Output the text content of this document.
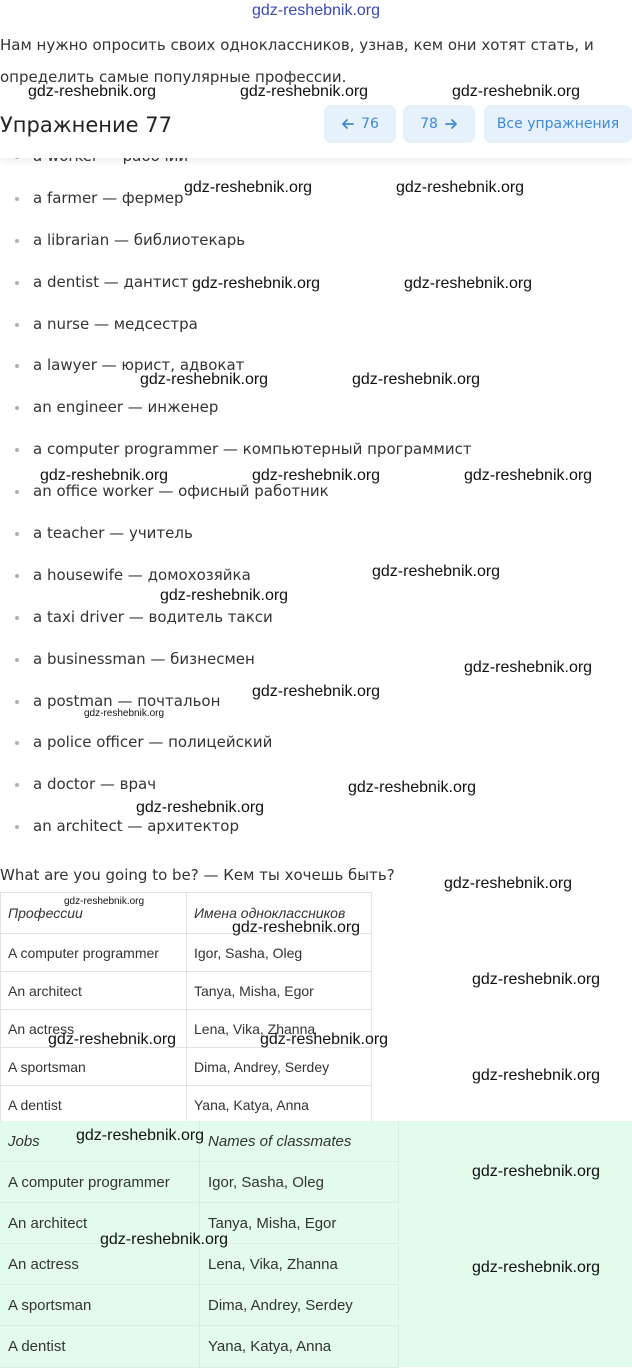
gdz-reshebnik.org
Нам нужно опросить своих одноклассников, узнав, кем они хотят стать, и определить самые популярные профессии.
a farmer — фермер
a librarian — библиотекарь
a dentist — дантист
a nurse — медсестра
a lawyer — юрист, адвокат
an engineer — инженер
a computer programmer — компьютерный программист
an office worker — офисный работник
a teacher — учитель
a housewife — домохозяйка
a taxi driver — водитель такси
a businessman — бизнесмен
a postman — почтальон
a police officer — полицейский
a doctor — врач
an architect — архитектор
Упражнение 77	76	78	Все упражнения
What are you going to be? — Кем ты хочешь быть?
Профессии	Имена одноклассников
A computer programmer	Igor, Sasha, Oleg
An architect	Tanya, Misha, Egor
An actress	Lena, Vika, Zhanna
A sportsman	Dima, Andrey, Serdey
A dentist	Yana, Katya, Anna
Jobs	Names of classmates
A computer programmer	Igor, Sasha, Oleg
An architect	Tanya, Misha, Egor
An actress	Lena, Vika, Zhanna
A sportsman	Dima, Andrey, Serdey
A dentist	Yana, Katya, Anna
gdz-reshebnik.org	gdz-reshebnik.org	gdz-reshebnik.org
gdz-reshebnik.org	gdz-reshebnik.org
gdz-reshebnik.org	gdz-reshebnik.org
gdz-reshebnik.org	gdz-reshebnik.org
gdz-reshebnik.org	gdz-reshebnik.org	gdz-reshebnik.org
gdz-reshebnik.org
gdz-reshebnik.org
gdz-reshebnik.org
gdz-reshebnik.org
gdz-reshebnik.org
gdz-reshebnik.org
gdz-reshebnik.org
gdz-reshebnik.org
gdz-reshebnik.org
gdz-reshebnik.org
gdz-reshebnik.org
gdz-reshebnik.org	gdz-reshebnik.org
gdz-reshebnik.org
gdz-reshebnik.org
gdz-reshebnik.org
gdz-reshebnik.org
gdz-reshebnik.org
